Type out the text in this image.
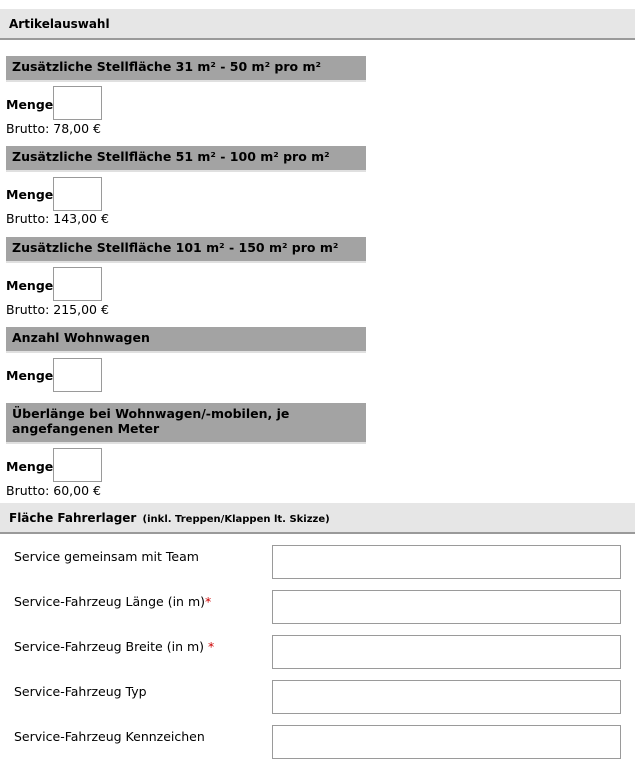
Artikelauswahl
Zusätzliche Stellfläche 31 m² - 50 m² pro m²
Menge
Brutto: 78,00 €
Zusätzliche Stellfläche 51 m² - 100 m² pro m²
Menge
Brutto: 143,00 €
Zusätzliche Stellfläche 101 m² - 150 m² pro m²
Menge
Brutto: 215,00 €
Anzahl Wohnwagen
Menge
Überlänge bei Wohnwagen/-mobilen, je angefangenen Meter
Menge
Brutto: 60,00 €
Fläche Fahrerlager (inkl. Treppen/Klappen lt. Skizze)
Service gemeinsam mit Team
Service-Fahrzeug Länge (in m)*
Service-Fahrzeug Breite (in m) *
Service-Fahrzeug Typ
Service-Fahrzeug Kennzeichen
